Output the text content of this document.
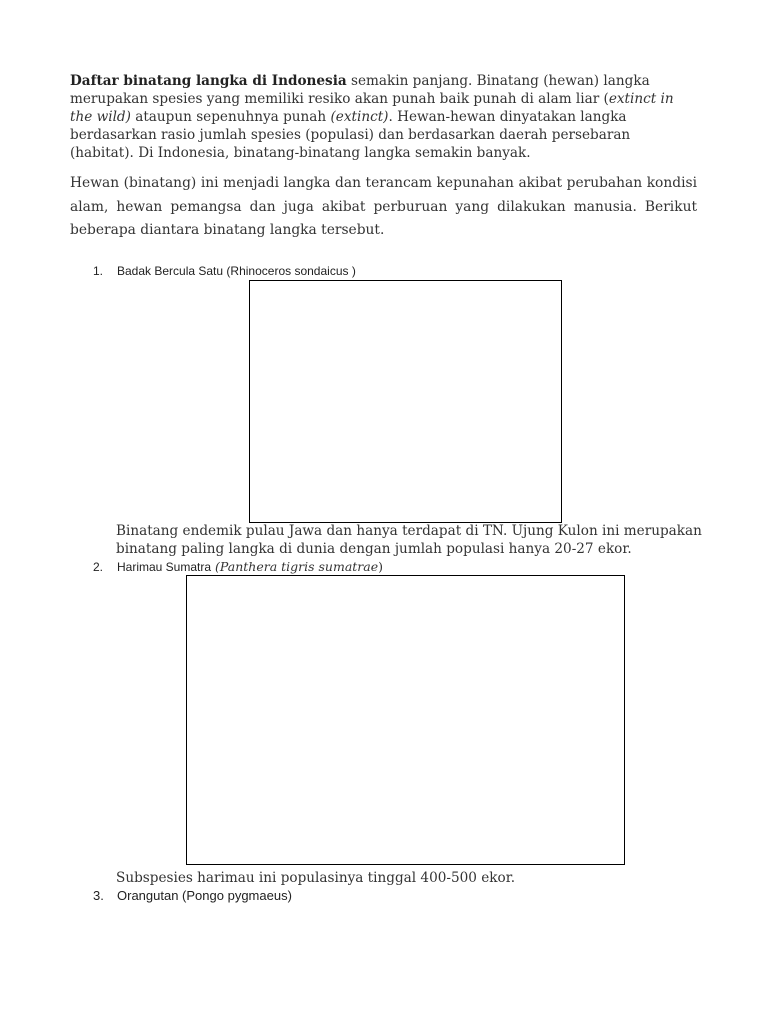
Daftar binatang langka di Indonesia semakin panjang. Binatang (hewan) langka merupakan spesies yang memiliki resiko akan punah baik punah di alam liar (extinct in the wild) ataupun sepenuhnya punah (extinct). Hewan-hewan dinyatakan langka berdasarkan rasio jumlah spesies (populasi) dan berdasarkan daerah persebaran (habitat). Di Indonesia, binatang-binatang langka semakin banyak.

Hewan (binatang) ini menjadi langka dan terancam kepunahan akibat perubahan kondisi alam, hewan pemangsa dan juga akibat perburuan yang dilakukan manusia. Berikut beberapa diantara binatang langka tersebut.

1. Badak Bercula Satu (Rhinoceros sondaicus )

Binatang endemik pulau Jawa dan hanya terdapat di TN. Ujung Kulon ini merupakan binatang paling langka di dunia dengan jumlah populasi hanya 20-27 ekor.

2. Harimau Sumatra (Panthera tigris sumatrae)

Subspesies harimau ini populasinya tinggal 400-500 ekor.

3. Orangutan (Pongo pygmaeus)
